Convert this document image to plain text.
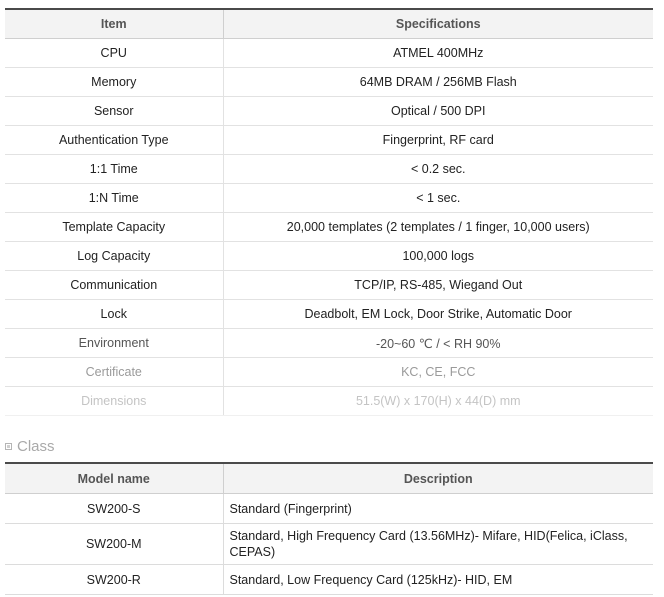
Item	Specifications
CPU	ATMEL 400MHz
Memory	64MB DRAM / 256MB Flash
Sensor	Optical / 500 DPI
Authentication Type	Fingerprint, RF card
1:1 Time	< 0.2 sec.
1:N Time	< 1 sec.
Template Capacity	20,000 templates (2 templates / 1 finger, 10,000 users)
Log Capacity	100,000 logs
Communication	TCP/IP, RS-485, Wiegand Out
Lock	Deadbolt, EM Lock, Door Strike, Automatic Door
Environment	-20~60 ℃ / < RH 90%
Certificate	KC, CE, FCC
Dimensions	51.5(W) x 170(H) x 44(D) mm
Class
Model name	Description
SW200-S	Standard (Fingerprint)
SW200-M	Standard, High Frequency Card (13.56MHz)- Mifare, HID(Felica, iClass, CEPAS)
SW200-R	Standard, Low Frequency Card (125kHz)- HID, EM
